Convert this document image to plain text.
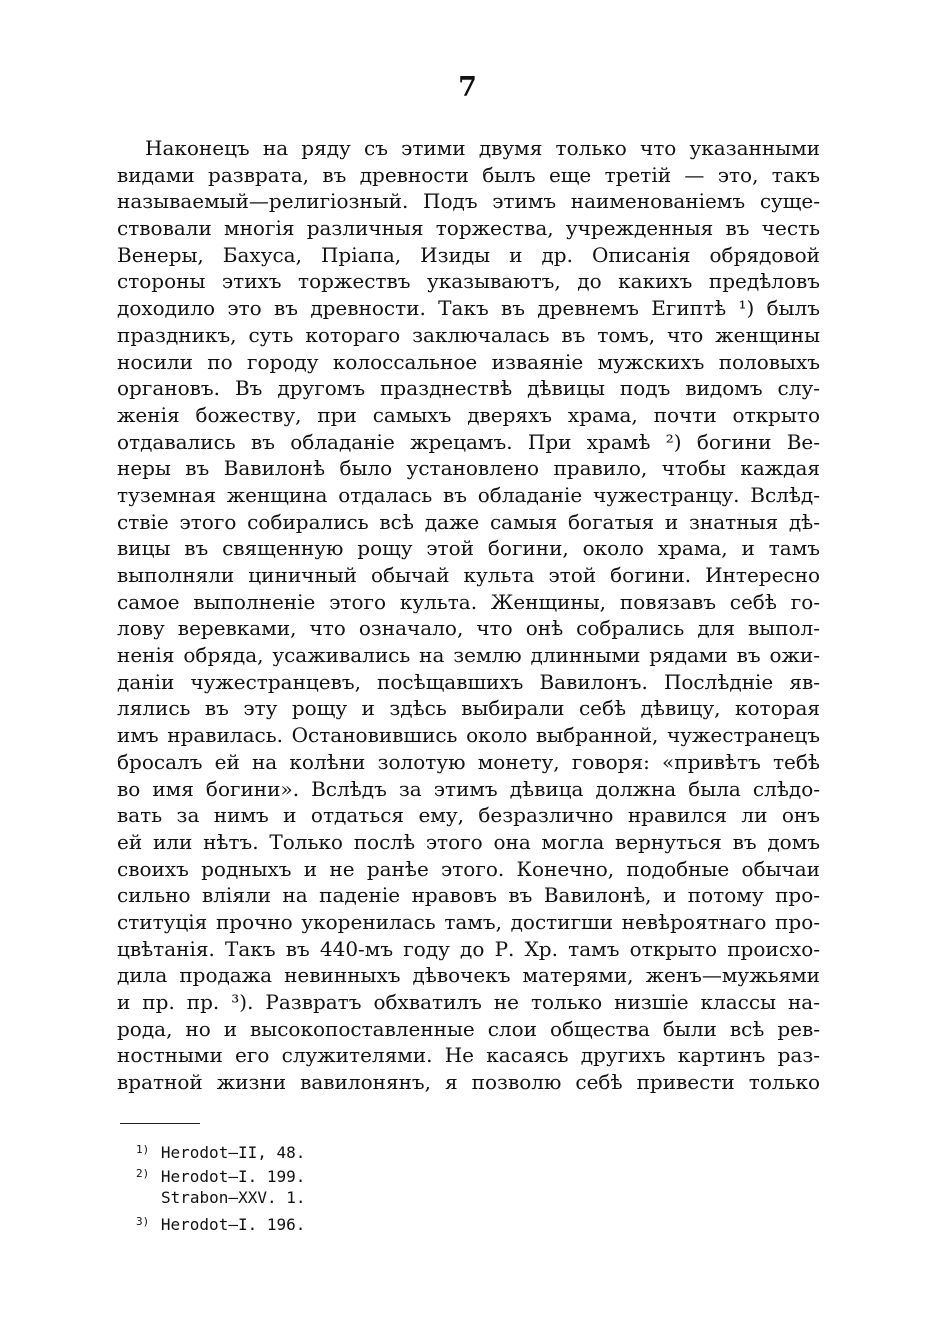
7
Наконецъ на ряду съ этими двумя только что указанными
видами разврата, въ древности былъ еще третій — это, такъ
называемый—религіозный. Подъ этимъ наименованіемъ суще-
ствовали многія различныя торжества, учрежденныя въ честь
Венеры, Бахуса, Пріапа, Изиды и др. Описанія обрядовой
стороны этихъ торжествъ указываютъ, до какихъ предѣловъ
доходило это въ древности. Такъ въ древнемъ Египтѣ ¹) былъ
праздникъ, суть которагo заключалась въ томъ, что женщины
носили по городу колоссальное изваяніе мужскихъ половыхъ
органовъ. Въ другомъ празднествѣ дѣвицы подъ видомъ слу-
женія божеству, при самыхъ дверяхъ храма, почти открыто
отдавались въ обладаніе жрецамъ. При храмѣ ²) богини Ве-
неры въ Вавилонѣ было установлено правило, чтобы каждая
туземная женщина отдалась въ обладаніе чужестранцу. Вслѣд-
ствіе этого собирались всѣ даже самыя богатыя и знатныя дѣ-
вицы въ священную рощу этой богини, около храма, и тамъ
выполняли циничный обычай культа этой богини. Интересно
самое выполненіе этого культа. Женщины, повязавъ себѣ го-
лову веревками, что означало, что онѣ собрались для выпол-
ненія обряда, усаживались на землю длинными рядами въ ожи-
даніи чужестранцевъ, посѣщавшихъ Вавилонъ. Послѣдніе яв-
лялись въ эту рощу и здѣсь выбирали себѣ дѣвицу, которая
имъ нравилась. Остановившись около выбранной, чужестранецъ
бросалъ ей на колѣни золотую монету, говоря: «привѣтъ тебѣ
во имя богини». Вслѣдъ за этимъ дѣвица должна была слѣдо-
вать за нимъ и отдаться ему, безразлично нравился ли онъ
ей или нѣтъ. Только послѣ этого она могла вернуться въ домъ
своихъ родныхъ и не ранѣе этого. Конечно, подобные обычаи
сильно вліяли на паденіе нравовъ въ Вавилонѣ, и потому про-
ституція прочно укоренилась тамъ, достигши невѣроятнаго про-
цвѣтанія. Такъ въ 440-мъ году до Р. Хр. тамъ открыто происхо-
дила продажа невинныхъ дѣвочекъ матерями, женъ—мужьями
и пр. пр. ³). Развратъ обхватилъ не только низшіе классы на-
рода, но и высокопоставленные слои общества были всѣ рев-
ностными его служителями. Не касаясь другихъ картинъ раз-
вратной жизни вавилонянъ, я позволю себѣ привести только
$^{1)}$ Herodot—II, 48.
$^{2)}$ Herodot—I. 199.
Strabon—XXV. 1.
$^{3)}$ Herodot—I. 196.
